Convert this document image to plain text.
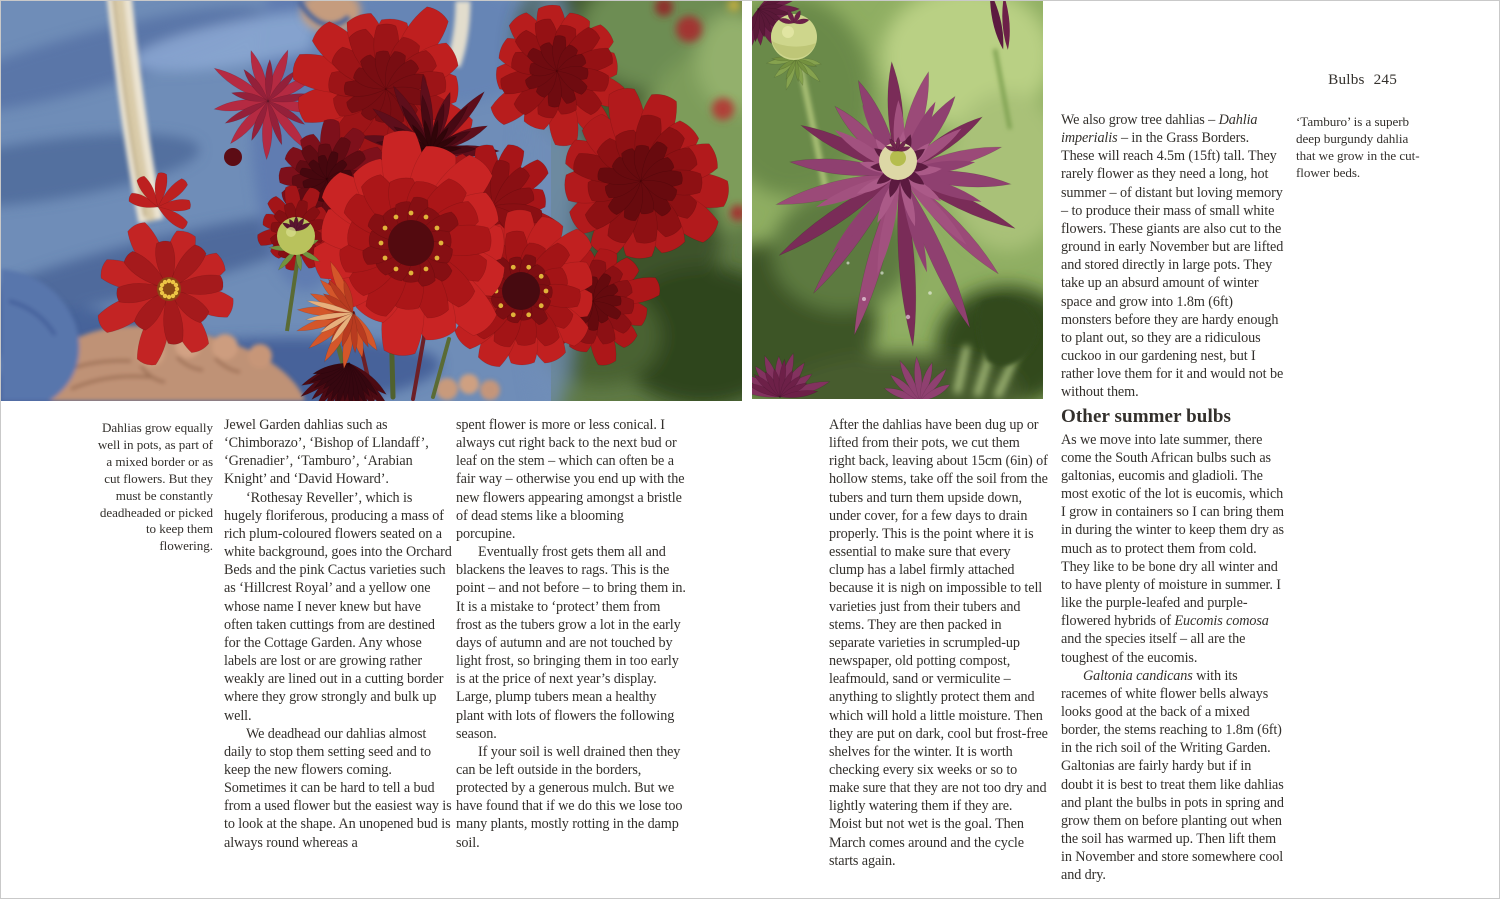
Bulbs 245
Dahlias grow equally well in pots, as part of a mixed border or as cut flowers. But they must be constantly deadheaded or picked to keep them flowering.
‘Tamburo’ is a superb deep burgundy dahlia that we grow in the cut-flower beds.

Jewel Garden dahlias such as ‘Chimborazo’, ‘Bishop of Llandaff’, ‘Grenadier’, ‘Tamburo’, ‘Arabian Knight’ and ‘David Howard’.

‘Rothesay Reveller’, which is hugely floriferous, producing a mass of rich plum-coloured flowers seated on a white background, goes into the Orchard Beds and the pink Cactus varieties such as ‘Hillcrest Royal’ and a yellow one whose name I never knew but have often taken cuttings from are destined for the Cottage Garden. Any whose labels are lost or are growing rather weakly are lined out in a cutting border where they grow strongly and bulk up well.

We deadhead our dahlias almost daily to stop them setting seed and to keep the new flowers coming. Sometimes it can be hard to tell a bud from a used flower but the easiest way is to look at the shape. An unopened bud is always round whereas a

spent flower is more or less conical. I always cut right back to the next bud or leaf on the stem – which can often be a fair way – otherwise you end up with the new flowers appearing amongst a bristle of dead stems like a blooming porcupine.

Eventually frost gets them all and blackens the leaves to rags. This is the point – and not before – to bring them in. It is a mistake to ‘protect’ them from frost as the tubers grow a lot in the early days of autumn and are not touched by light frost, so bringing them in too early is at the price of next year’s display. Large, plump tubers mean a healthy plant with lots of flowers the following season.

If your soil is well drained then they can be left outside in the borders, protected by a generous mulch. But we have found that if we do this we lose too many plants, mostly rotting in the damp soil.

After the dahlias have been dug up or lifted from their pots, we cut them right back, leaving about 15cm (6in) of hollow stems, take off the soil from the tubers and turn them upside down, under cover, for a few days to drain properly. This is the point where it is essential to make sure that every clump has a label firmly attached because it is nigh on impossible to tell varieties just from their tubers and stems. They are then packed in separate varieties in scrumpled-up newspaper, old potting compost, leafmould, sand or vermiculite – anything to slightly protect them and which will hold a little moisture. Then they are put on dark, cool but frost-free shelves for the winter. It is worth checking every six weeks or so to make sure that they are not too dry and lightly watering them if they are. Moist but not wet is the goal. Then March comes around and the cycle starts again.

We also grow tree dahlias – Dahlia imperialis – in the Grass Borders. These will reach 4.5m (15ft) tall. They rarely flower as they need a long, hot summer – of distant but loving memory – to produce their mass of small white flowers. These giants are also cut to the ground in early November but are lifted and stored directly in large pots. They take up an absurd amount of winter space and grow into 1.8m (6ft) monsters before they are hardy enough to plant out, so they are a ridiculous cuckoo in our gardening nest, but I rather love them for it and would not be without them.

Other summer bulbs

As we move into late summer, there come the South African bulbs such as galtonias, eucomis and gladioli. The most exotic of the lot is eucomis, which I grow in containers so I can bring them in during the winter to keep them dry as much as to protect them from cold. They like to be bone dry all winter and to have plenty of moisture in summer. I like the purple-leafed and purple-flowered hybrids of Eucomis comosa and the species itself – all are the toughest of the eucomis.

Galtonia candicans with its racemes of white flower bells always looks good at the back of a mixed border, the stems reaching to 1.8m (6ft) in the rich soil of the Writing Garden. Galtonias are fairly hardy but if in doubt it is best to treat them like dahlias and plant the bulbs in pots in spring and grow them on before planting out when the soil has warmed up. Then lift them in November and store somewhere cool and dry.
